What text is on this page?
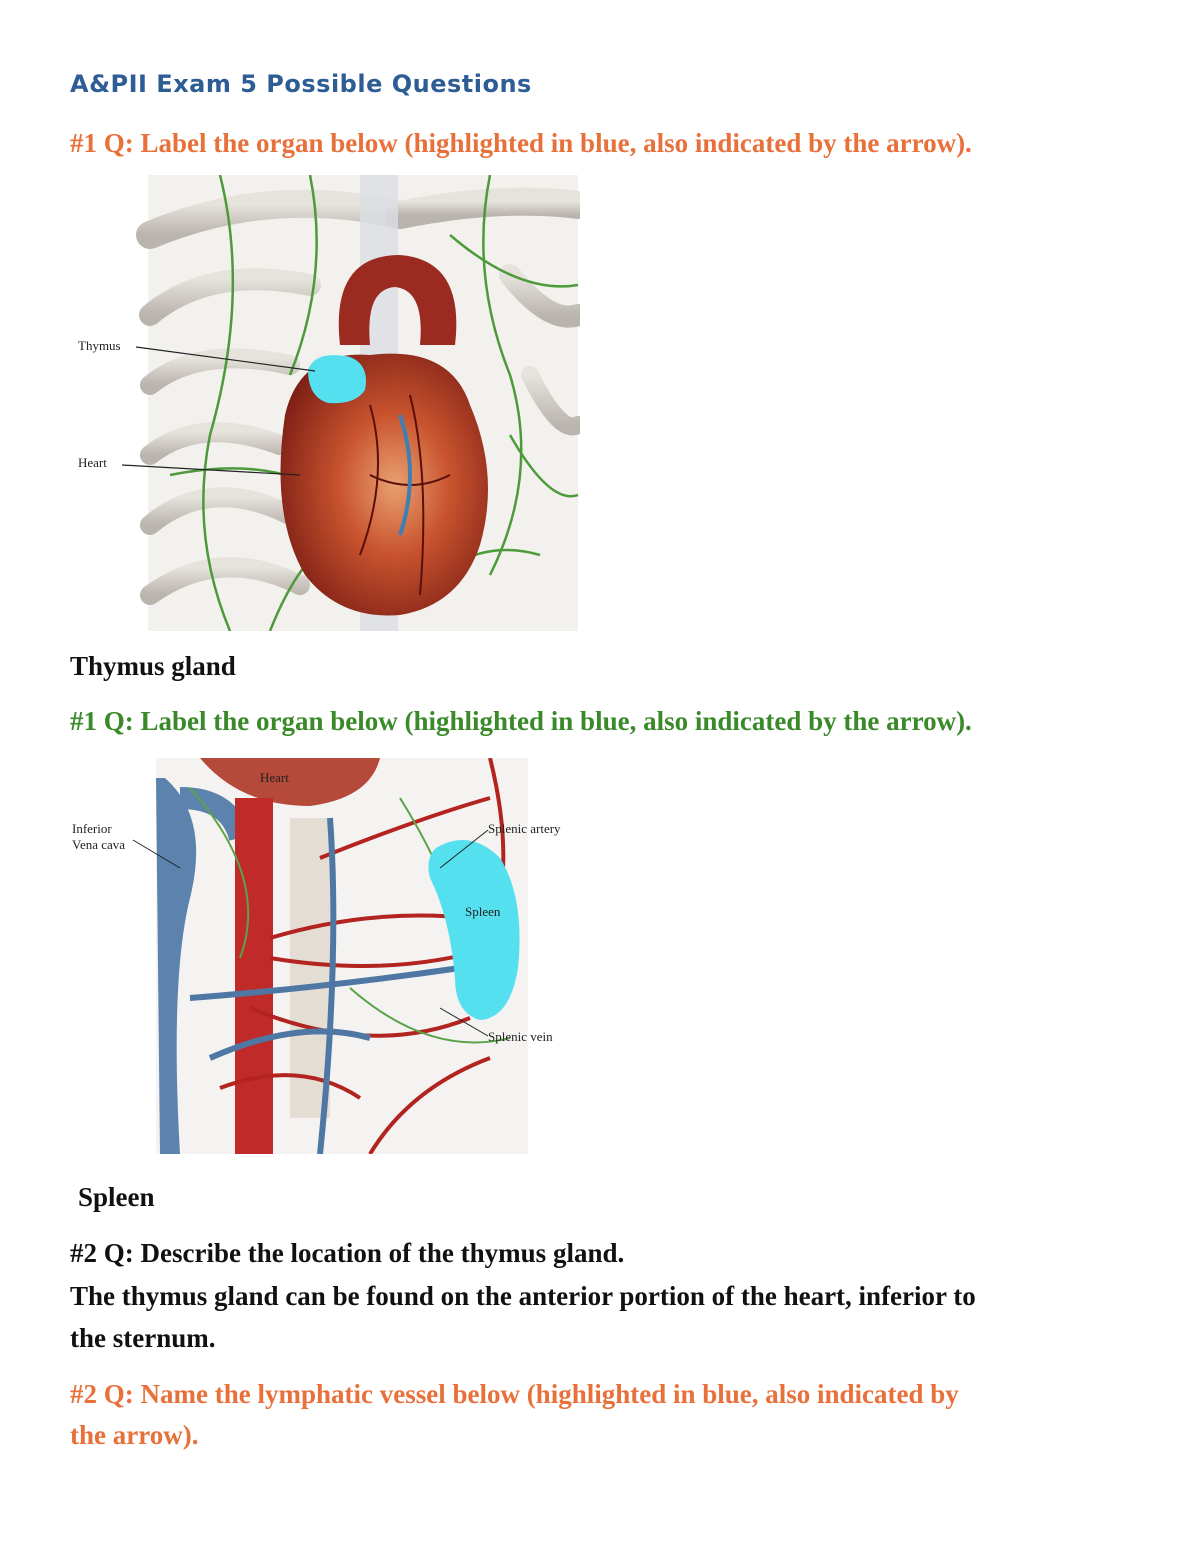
A&PII Exam 5 Possible Questions
#1 Q: Label the organ below (highlighted in blue, also indicated by the arrow).
Thymus
Heart
Thymus gland
#1 Q: Label the organ below (highlighted in blue, also indicated by the arrow).
Heart
Inferior
Vena cava
Splenic artery
Spleen
Splenic vein
Spleen
#2 Q: Describe the location of the thymus gland.
The thymus gland can be found on the anterior portion of the heart, inferior to
the sternum.
#2 Q: Name the lymphatic vessel below (highlighted in blue, also indicated by
the arrow).
